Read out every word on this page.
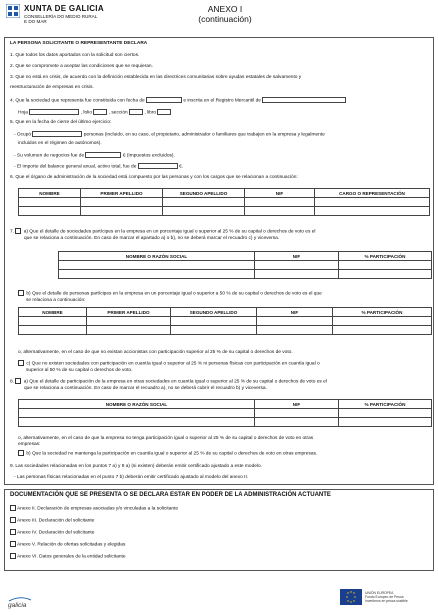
XUNTA DE GALICIA
CONSELLERÍA DO MEDIO RURAL
E DO MAR
ANEXO I
(continuación)
LA PERSONA SOLICITANTE O REPRESENTANTE DECLARA
1. Que todos los datos aportados con la solicitud son ciertos.
2. Que se compromete a aceptar las condiciones que se requieran.
3. Que no está en crisis, de acuerdo con la definición establecida en las directrices comunitarias sobre ayudas estatales de salvamento y
reestructuración de empresas en crisis.
4. Que la sociedad que representa fue constituida con fecha de	e inscrita en el Registro Mercantil de
Hoja	, folio	, sección	, libro
5. Que en la fecha de cierre del último ejercicio:
- Ocupó	personas (incluido, en su caso, el propietario, administrador o familiares que trabajen en la empresa y legalmente
incluidos en el régimen de autónomos).
- Su volumen de negocios fue de	€ (Impuestos excluidos).
- El importe del balance general anual, activo total, fue de	€.
6. Que el órgano de administración de la sociedad está compuesto por las personas y con los cargos que se relacionan a continuación:
NOMBRE	PRIMER APELLIDO	SEGUNDO APELLIDO	NIF	CARGO O REPRESENTACIÓN

7. a) Que el detalle de sociedades partícipes en la empresa en un porcentaje igual o superior al 25 % de su capital o derechos de voto es el
que se relaciona a continuación. En caso de marcar el apartado a) o b), no se deberá marcar el recuadro c) y viceversa.
NOMBRE O RAZÓN SOCIAL	NIF	% PARTICIPACIÓN

b) Que el detalle de personas partícipes en la empresa en un porcentaje igual o superior a 50 % de su capital o derechos de voto es el que
se relaciona a continuación:
NOMBRE	PRIMER APELLIDO	SEGUNDO APELLIDO	NIF	% PARTICIPACIÓN

o, alternativamente, en el caso de que no existan accionistas con participación superior al 25 % de su capital o derechos de voto.
c) Que no existen sociedades con participación en cuantía igual o superior al 25 % ni personas físicas con participación en cuantía igual o
superior al 50 % de su capital o derechos de voto.
8. a) Que el detalle de participación de la empresa en otras sociedades en cuantía igual o superior al 25 % de su capital o derechos de voto es el
que se relaciona a continuación. En caso de marcar el recuadro a), no se deberá cubrir el recuadro b) y viceversa.
NOMBRE O RAZÓN SOCIAL	NIF	% PARTICIPACIÓN

o, alternativamente, en el caso de que la empresa no tenga participación igual o superior al 25 % de su capital o derechos de voto en otras
empresas:
b) Que la sociedad no mantenga la participación en cuantía igual o superior al 25 % de su capital o derechos de voto en otras empresas.
9. Las sociedades relacionadas en los puntos 7 a) y 8 a) (si existen) deberán emitir certificado ajustado a este modelo.
- Las personas físicas relacionadas en el punto 7 b) deberán emitir certificado ajustado al modelo del anexo II.
DOCUMENTACIÓN QUE SE PRESENTA O SE DECLARA ESTAR EN PODER DE LA ADMINISTRACIÓN ACTUANTE
Anexo II. Declaración de empresas asociadas y/o vinculadas a la solicitante
Anexo III. Declaración del solicitante
Anexo IV. Declaración del solicitante
Anexo V. Relación de ofertas solicitadas y elegidas
Anexo VI. Datos generales de la entidad solicitante
galicia
UNIÓN EUROPEA
Fondo Europeo de Pesca
Invertimos en pesca sostible
